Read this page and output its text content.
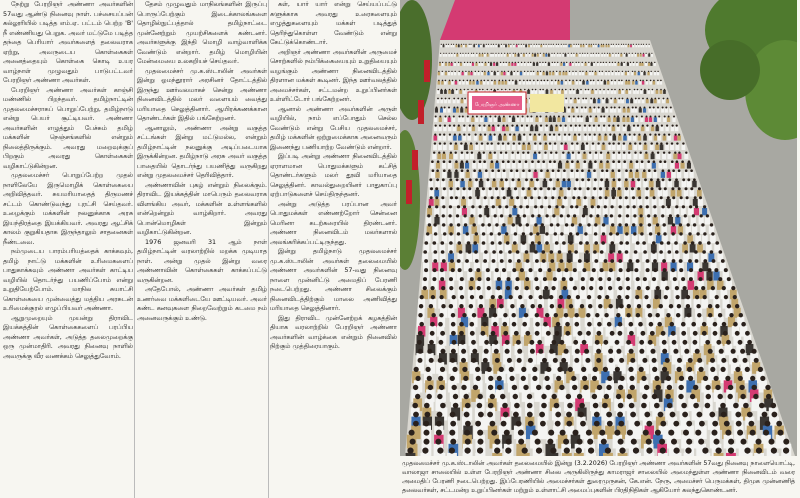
நேற்று பேரறிஞர் அண்ணா அவர்களின் 57வது ஆண்டு நினைவு நாள். பச்சையப்பன் கல்லூரியில் படித்த எம்.ஏ. பட்டம் பெற்ற 'B' நீ எண்ணியது பெறுக. அவர் மட்டுமே படித்த தந்தை பெரியார் அவர்களைத் தலைவராக ஏற்று, அவருடைய கொள்கைகள் அனைத்தையும் கொள்கை கொடி உயர வாழ்நாள் முழுவதும் பாடுபட்டவர் பேரறிஞர் அண்ணா அவர்கள்.

பேரறிஞர் அண்ணா அவர்கள் காஞ்சி மண்ணில் பிறந்தவர். தமிழ்நாட்டின் முதலமைச்சராகப் பொறுப்பேற்று, தமிழ்நாடு என்று பெயர் சூட்டியவர். அண்ணா அவர்களின் எழுத்தும் பேச்சும் தமிழ் மக்களின் நெஞ்சங்களில் என்றும் நிலைத்திருக்கும். அவரது மறைவுக்குப் பிறகும் அவரது கொள்கைகள் வழிகாட்டுகின்றன.

முதலமைச்சர் பொறுப்பேற்ற முதல் நாளிலேயே இருமொழிக் கொள்கையை அறிவித்தவர். சுயமரியாதைத் திருமணச் சட்டம் கொண்டுவந்து புரட்சி செய்தவர். உழைக்கும் மக்களின் நலனுக்காக அரசு இயந்திரத்தை இயக்கியவர். அவரது ஆட்சிக் காலம் குறுகியதாக இருந்தாலும் சாதனைகள் நீண்டவை.

நம்முடைய பாரம்பரியத்தைக் காக்கவும், தமிழ் நாட்டு மக்களின் உரிமைகளைப் பாதுகாக்கவும் அண்ணா அவர்கள் காட்டிய வழியில் தொடர்ந்து பயணிப்போம் என்று உறுதியேற்போம். மாநில சுயாட்சி கொள்கையை முன்வைத்து மத்திய அரசுடன் உரிமைக்குரல் எழுப்பியவர் அண்ணா.

ஆறுமுறையும் முயன்று திராவிட இயக்கத்தின் கொள்கைகளைப் பரப்பிய அண்ணா அவர்கள், அடுத்த தலைமுறைக்கு ஒரு முன்மாதிரி. அவரது நினைவு நாளில் அவருக்கு வீர வணக்கம் செலுத்துவோம்.

தேசம் முழுவதும் மாநிலங்களின் இருப்பு பொருப்பேற்கும் இடைக்காலங்களை தொழில்நுட்பத்தால் தமிழ்நாட்டை முன்னேற்றும் முயற்சிகளைக் கண்டனர். அவர்களுக்கு இந்தி மொழி வாழ்வாளிக்க வேண்டும் என்றார். தமிழ் மொழியின் மேன்மையை உலகறியச் செய்தவர்.

முதலமைச்சர் மு.க.ஸ்டாலின் அவர்கள் இன்று ஓமந்தூரார் அரசினர் தோட்டத்தில் இருந்து ஊர்வலமாகச் சென்று அண்ணா நினைவிடத்தில் மலர் வளையம் வைத்து மரியாதை செலுத்தினார். ஆயிரக்கணக்கான தொண்டர்கள் இதில் பங்கேற்றனர்.

ஆனாலும், அண்ணா அன்று வகுத்த சட்டங்கள் இன்று மட்டுமல்ல, என்றும் தமிழ்நாட்டின் நலனுக்கு அடிப்படையாக இருக்கின்றன. தமிழ்நாடு அரசு அவர் வகுத்த பாதையில் தொடர்ந்து பயணித்து வருகிறது என்று முதலமைச்சர் தெரிவித்தார்.

அண்ணாவின் புகழ் என்றும் நிலைக்கும். திராவிட இயக்கத்தின் மாபெரும் தலைவராக விளங்கிய அவர், மக்களின் உள்ளங்களில் என்றென்றும் வாழ்கிறார். அவரது பொன்மொழிகள் இன்றும் வழிகாட்டுகின்றன.

1976 ஜனவரி 31 ஆம் நாள் தமிழ்நாட்டின் வரலாற்றில் மறக்க முடியாத நாள். அன்று முதல் இன்று வரை அண்ணாவின் கொள்கைகள் காக்கப்பட்டு வருகின்றன.

அதேபோல், அண்ணா அவர்கள் தமிழ் உணர்வை மக்களிடையே ஊட்டியவர். அவர் கண்ட கனவுகளை நிறைவேற்றும் கடமை நம் அனைவருக்கும் உண்டு.

கள், யார் யார் என்று செய்யப்பட்டு களுக்காக அவரது உரைகளையும் எழுத்துகளையும் மக்கள் படித்துத் தெரிந்துகொள்ள வேண்டும் என்று கேட்டுக்கொண்டார்.

அறிஞர் அண்ணா அவர்களின் அருமைச் சொற்களில் நம்பிக்கையையும் உறுதியையும் வழங்கும் அண்ணா நினைவிடத்தில் திரளான மக்கள் கூடினர். இந்த ஊர்வலத்தில் அமைச்சர்கள், சட்டமன்ற உறுப்பினர்கள் உள்ளிட்டோர் பங்கேற்றனர்.

ஆனால் அண்ணா அவர்களின் அருள் வழியில், நாம் எப்போதும் செல்ல வேண்டும் என்று பேசிய முதலமைச்சர், தமிழ் மக்களின் ஒற்றுமைக்காக அனைவரும் இணைந்து பணியாற்ற வேண்டும் என்றார்.

இப்படி அன்று அண்ணா நினைவிடத்தில் ஏராளமான பொதுமக்களும் கட்சித் தொண்டர்களும் மலர் தூவி மரியாதை செலுத்தினர். காவல்துறையினர் பாதுகாப்பு ஏற்பாடுகளைச் செய்திருந்தனர்.

அன்று அடுத்த பரப்பான அவர் பொதுமக்கள் எண்ணற்றோர் சென்னை மெரினா கடற்கரையில் திரண்டனர். அண்ணா நினைவிடம் மலர்களால் அலங்கரிக்கப்பட்டிருந்தது.

இன்று தமிழ்நாடு முதலமைச்சர் மு.க.ஸ்டாலின் அவர்கள் தலைமையில் அண்ணா அவர்களின் 57-வது நினைவு நாளை முன்னிட்டு அமைதிப் பேரணி நடைபெற்றது. அண்ணா சிலைக்கும் நினைவிடத்திற்கும் மாலை அணிவித்து மரியாதை செலுத்தினார்.

இது திராவிட முன்னேற்றக் கழகத்தின் தியாக வரலாற்றில் பேரறிஞர் அண்ணா அவர்களின் வாழ்க்கை என்றும் நினைவில் நிற்கும் முத்திரையாகும்.

பேரறிஞர் அண்ணா
முதலமைச்சர் மு.க.ஸ்டாலின் அவர்கள் தலைமையில் இன்று (3.2.2026) பேரறிஞர் அண்ணா அவர்களின் 57வது நினைவு நாளையொட்டி, வாலாஜா சாலையில் உள்ள பேரறிஞர் அண்ணா சிலை அருகிலிருந்து காமராஜர் சாலையில் அமைந்துள்ள அண்ணா நினைவிடம் வரை அமைதிப் பேரணி நடைபெற்றது. இப்பேரணியில் அமைச்சர்கள் துரைமுருகன், கே.என். நேரு, அமைச்சர் பெருமக்கள், திமுக முன்னணித் தலைவர்கள், சட்டமன்ற உறுப்பினர்கள் மற்றும் உள்ளாட்சி அமைப்புகளின் பிரதிநிதிகள் ஆகியோர் கலந்துகொண்டனர்.
